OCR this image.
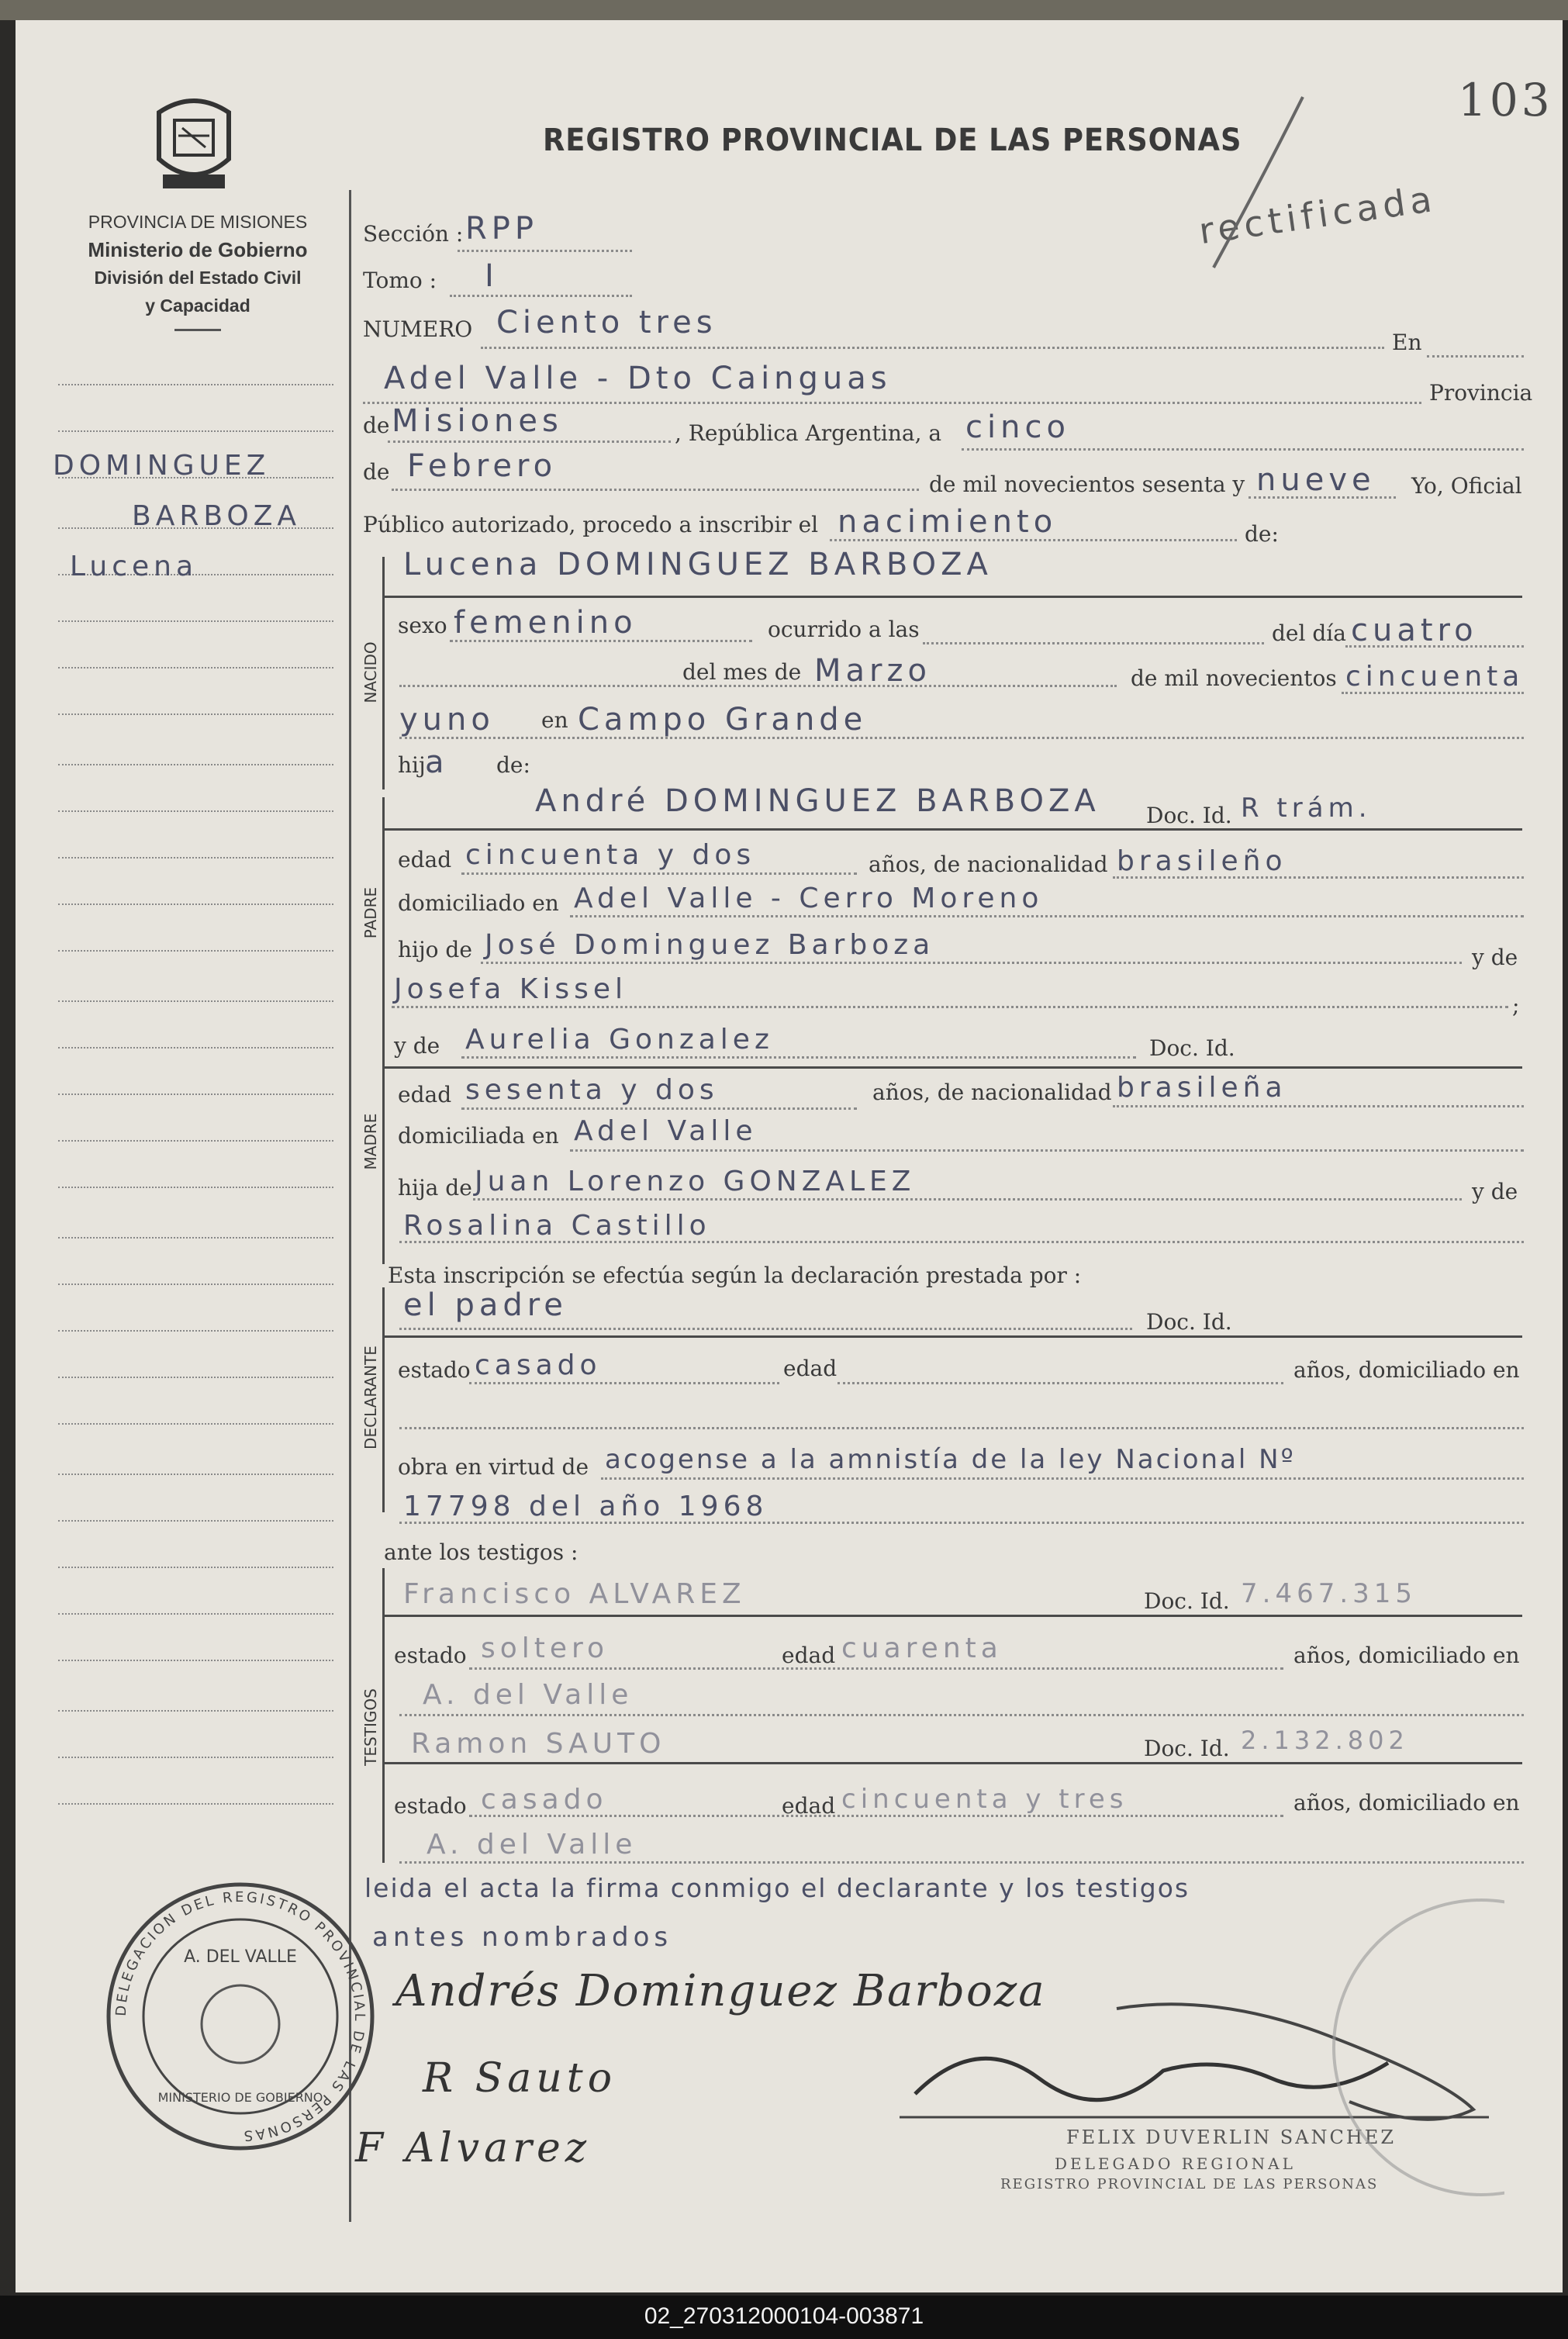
103
REGISTRO PROVINCIAL DE LAS PERSONAS
PROVINCIA DE MISIONES
Ministerio de Gobierno
División del Estado Civil
y Capacidad
DOMINGUEZ
BARBOZA
Lucena
rectificada
Sección : RPP
Tomo : I
NUMERO Ciento tres
En
Adel Valle - Dto Cainguas	Provincia
de Misiones	, República Argentina, a cinco
de Febrero
de mil novecientos sesenta y nueve Yo, Oficial
Público autorizado, procedo a inscribir el nacimiento	de:
NACIDO
Lucena DOMINGUEZ BARBOZA
sexo femenino	ocurrido a las	del día cuatro
del mes de Marzo	de mil novecientos cincuenta
yuno en Campo Grande
hij a de:
PADRE
André DOMINGUEZ BARBOZA Doc. Id. R trám.
edad cincuenta y dos	años, de nacionalidad brasileño
domiciliado en Adel Valle - Cerro Moreno
hijo de José Dominguez Barboza	y de
Josefa Kissel
;
MADRE
y de Aurelia Gonzalez	Doc. Id.
edad sesenta y dos	años, de nacionalidad brasileña
domiciliada en Adel Valle
hija de Juan Lorenzo GONZALEZ	y de
Rosalina Castillo
Esta inscripción se efectúa según la declaración prestada por :
DECLARANTE
el padre	Doc. Id.
estado casado	edad	años, domiciliado en
obra en virtud de acogense a la amnistía de la ley Nacional Nº
17798 del año 1968
ante los testigos :
TESTIGOS
Francisco ALVAREZ	Doc. Id. 7.467.315
estado soltero	edad cuarenta	años, domiciliado en
A. del Valle
Ramon SAUTO	Doc. Id. 2.132.802
estado casado	edad cincuenta y tres	años, domiciliado en
A. del Valle
leida el acta la firma conmigo el declarante y los testigos
antes nombrados
Andrés Dominguez Barboza
R Sauto
F Alvarez	FELIX DUVERLIN SANCHEZ
DELEGADO REGIONAL
REGISTRO PROVINCIAL DE LAS PERSONAS
DELEGACION DEL REGISTRO PROVINCIAL DE LAS PERSONAS
A. DEL VALLE
MINISTERIO DE GOBIERNO
02_270312000104-003871
